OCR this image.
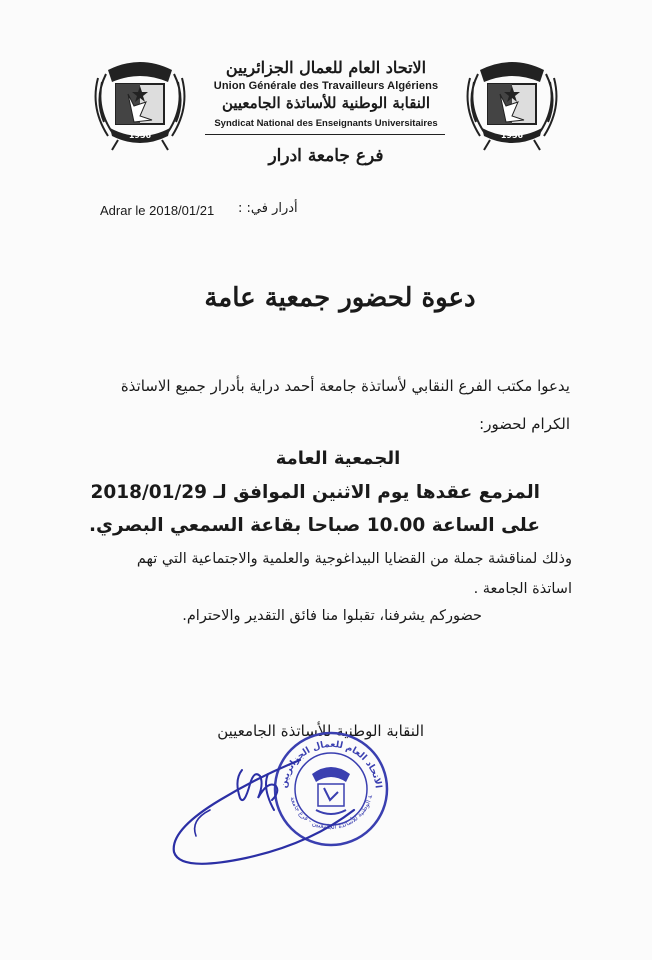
1956	1956
الاتحاد العام للعمال الجزائريين
Union Générale des Travailleurs Algériens
النقابة الوطنية للأساتذة الجامعيين
Syndicat National des Enseignants Universitaires
فرع جامعة ادرار
Adrar le 2018/01/21 أدرار في: :
دعوة لحضور جمعية عامة
يدعوا مكتب الفرع النقابي لأساتذة جامعة أحمد دراية بأدرار جميع الاساتذة
الكرام لحضور:
الجمعية العامة
المزمع عقدها يوم الاثنين الموافق لـ 2018/01/29
على الساعة 10.00 صباحا بقاعة السمعي البصري.
وذلك لمناقشة جملة من القضايا البيداغوجية والعلمية والاجتماعية التي تهم
اساتذة الجامعة .
حضوركم يشرفنا، تقبلوا منا فائق التقدير والاحترام.
النقابة الوطنية للأساتذة الجامعيين
الاتحاد العام للعمال الجزائريين
ة الوطنية للأساتذة الجامعيين - فرع جامعة
